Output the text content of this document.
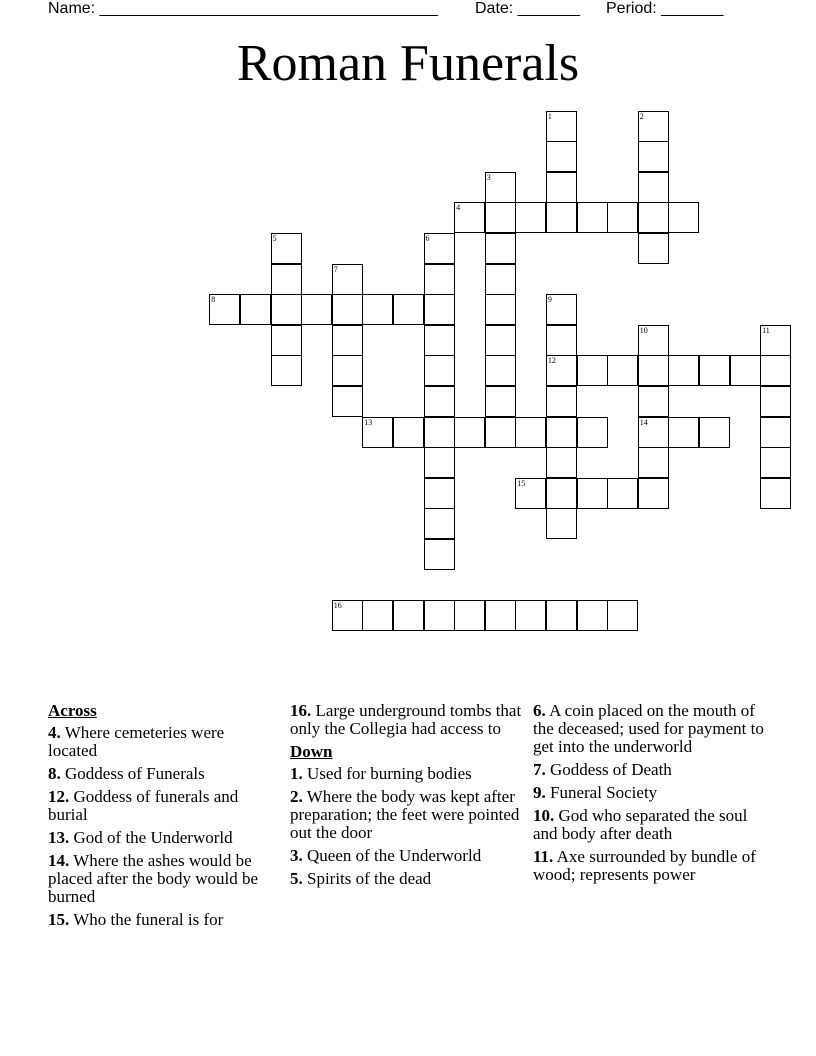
Name: ______________________________________ Date: _______ Period: _______
Roman Funerals
1	2
3
4
5	6
7
8	9
10	11
12
13	14
15
16
Across
4. Where cemeteries were located
8. Goddess of Funerals
12. Goddess of funerals and burial
13. God of the Underworld
14. Where the ashes would be placed after the body would be burned
15. Who the funeral is for
16. Large underground tombs that only the Collegia had access to
Down
1. Used for burning bodies
2. Where the body was kept after preparation; the feet were pointed out the door
3. Queen of the Underworld
5. Spirits of the dead
6. A coin placed on the mouth of the deceased; used for payment to get into the underworld
7. Goddess of Death
9. Funeral Society
10. God who separated the soul and body after death
11. Axe surrounded by bundle of wood; represents power
